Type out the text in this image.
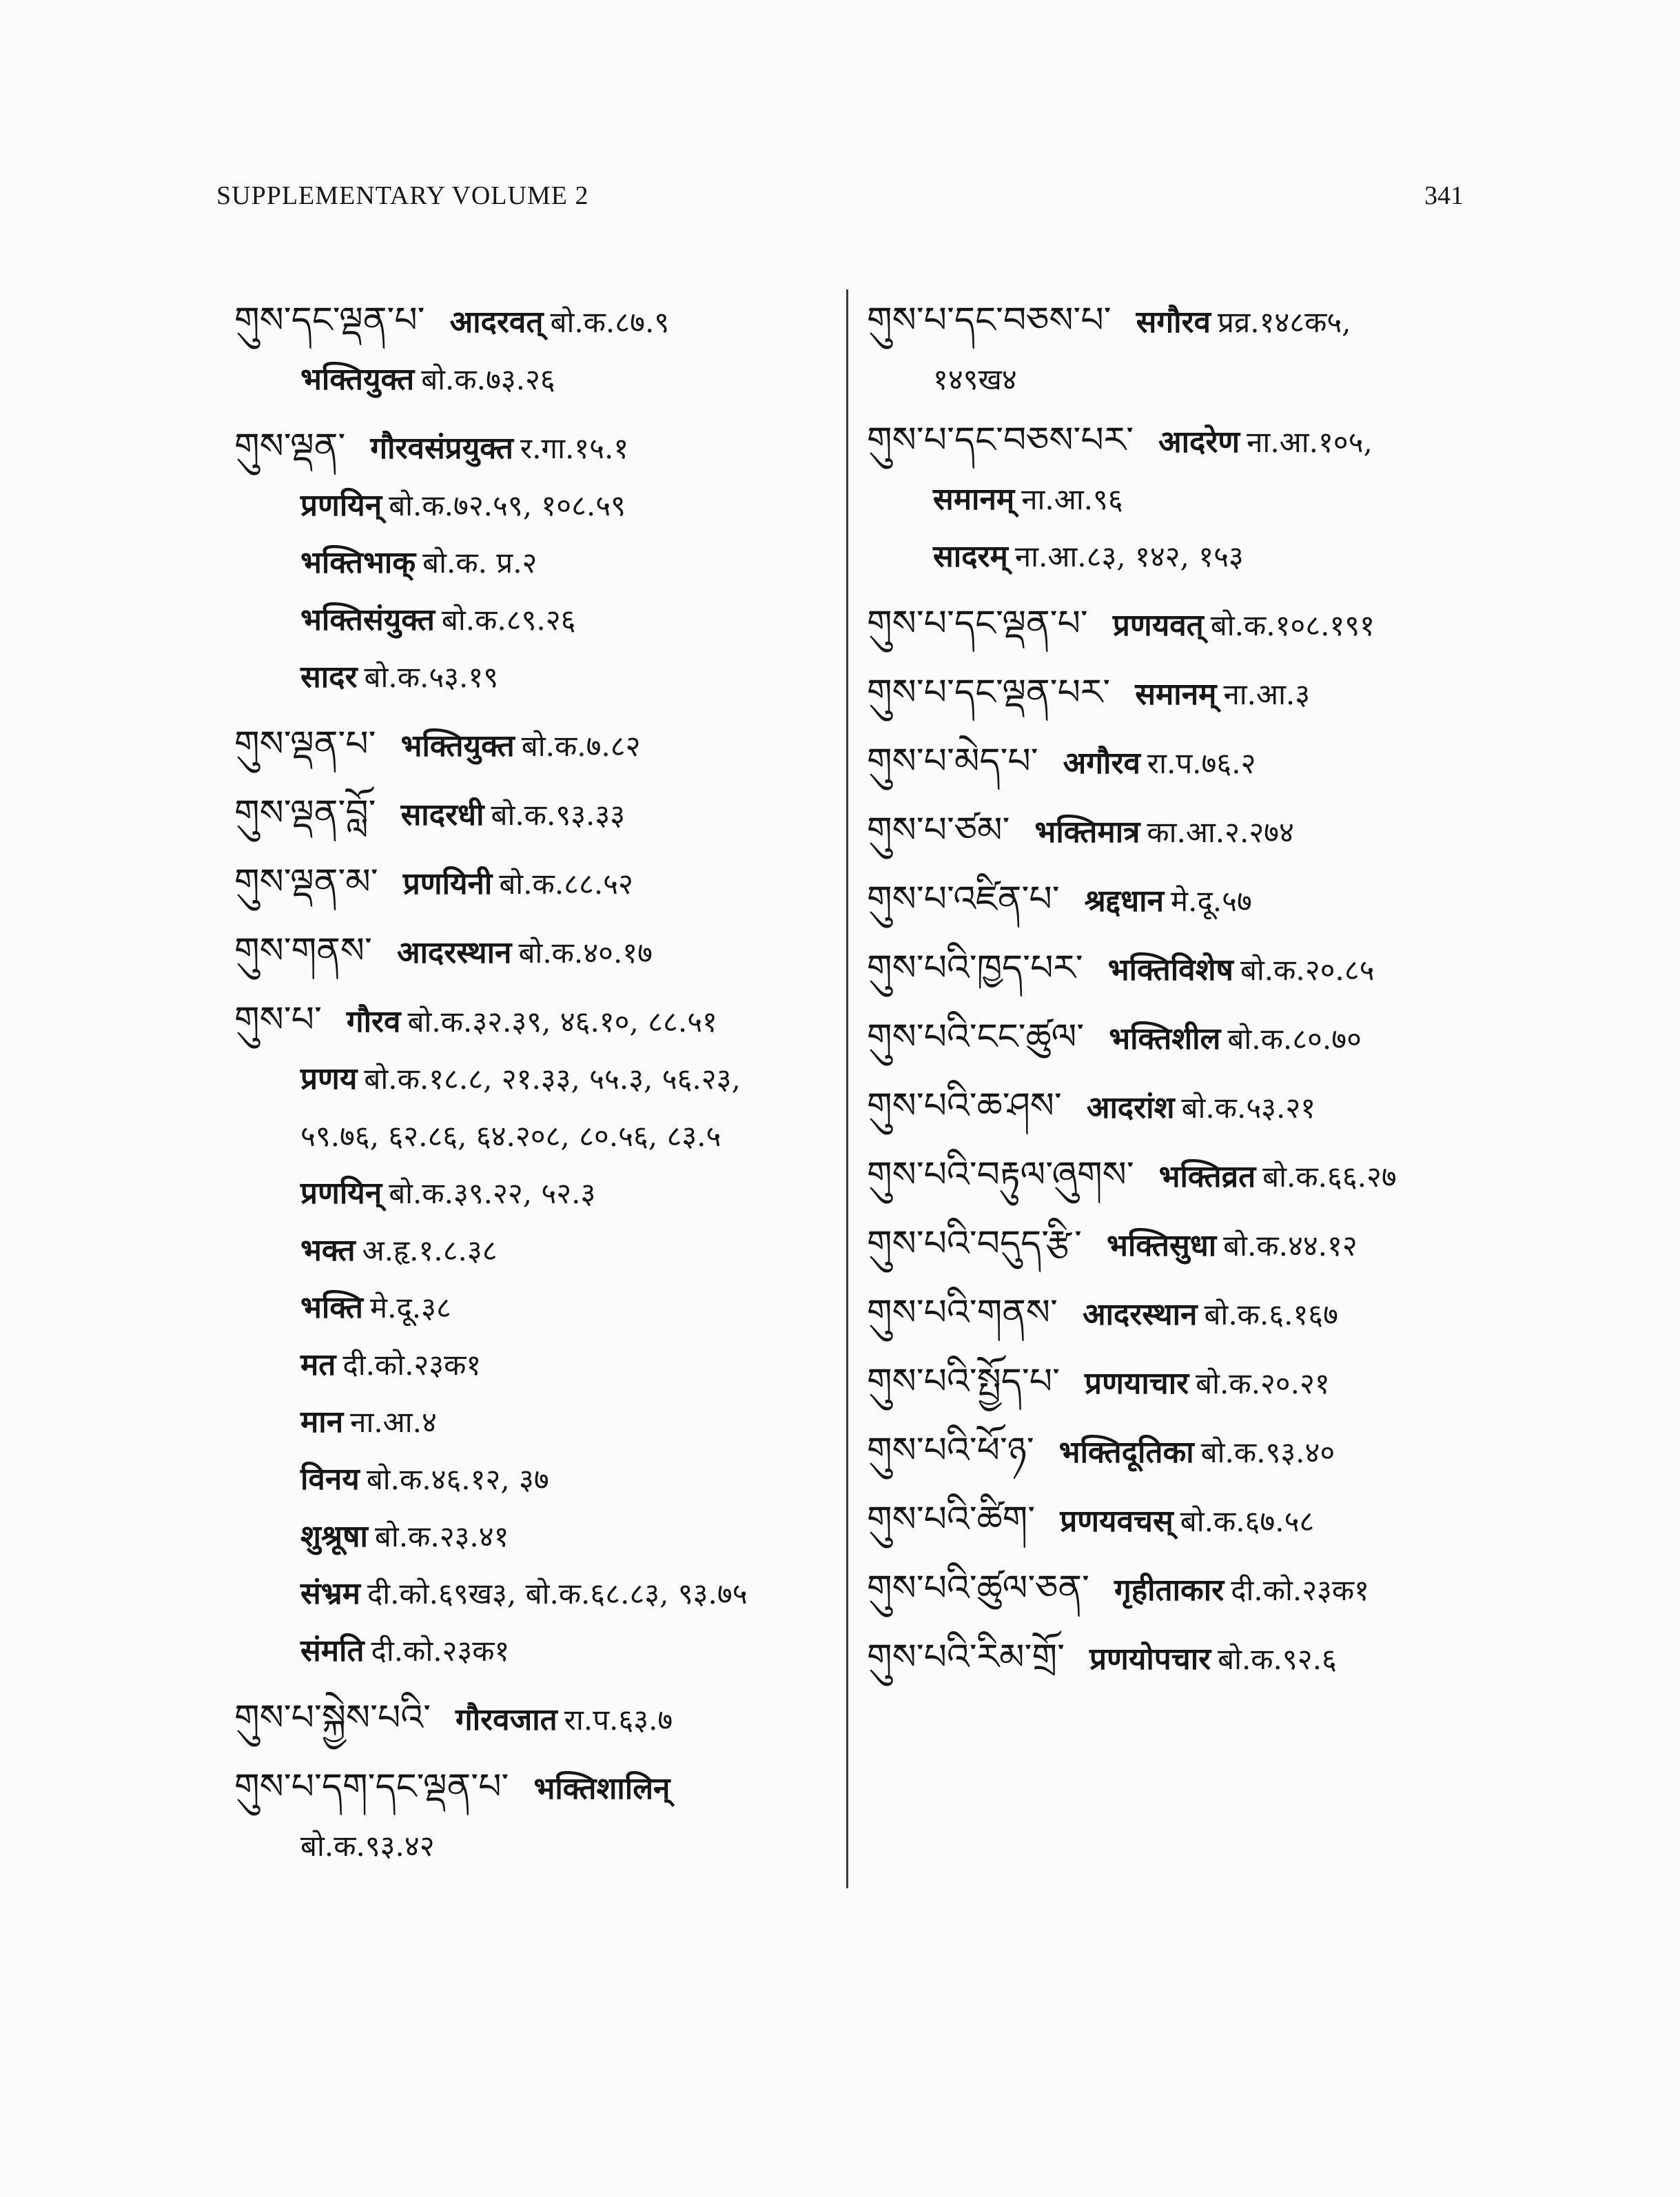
SUPPLEMENTARY VOLUME 2	341
གུས་དང་ལྡན་པ་ आदरवत् बो.क.८७.९
भक्तियुक्त बो.क.७३.२६
གུས་ལྡན་ गौरवसंप्रयुक्त र.गा.१५.१
प्रणयिन् बो.क.७२.५९, १०८.५९
भक्तिभाक् बो.क. प्र.२
भक्तिसंयुक्त बो.क.८९.२६
सादर बो.क.५३.१९
གུས་ལྡན་པ་ भक्तियुक्त बो.क.७.८२
གུས་ལྡན་བློ་ सादरधी बो.क.९३.३३
གུས་ལྡན་མ་ प्रणयिनी बो.क.८८.५२
གུས་གནས་ आदरस्थान बो.क.४०.१७
གུས་པ་ गौरव बो.क.३२.३९, ४६.१०, ८८.५१
प्रणय बो.क.१८.८, २१.३३, ५५.३, ५६.२३,
५९.७६, ६२.८६, ६४.२०८, ८०.५६, ८३.५
प्रणयिन् बो.क.३९.२२, ५२.३
भक्त अ.हृ.१.८.३८
भक्ति मे.दू.३८
मत दी.को.२३क१
मान ना.आ.४
विनय बो.क.४६.१२, ३७
शुश्रूषा बो.क.२३.४१
संभ्रम दी.को.६९ख३, बो.क.६८.८३, ९३.७५
संमति दी.को.२३क१
གུས་པ་སྐྱེས་པའི་ गौरवजात रा.प.६३.७
གུས་པ་དག་དང་ལྡན་པ་ भक्तिशालिन्
बो.क.९३.४२
གུས་པ་དང་བཅས་པ་ सगौरव प्रव्र.१४८क५,
१४९ख४
གུས་པ་དང་བཅས་པར་ आदरेण ना.आ.१०५,
समानम् ना.आ.९६
सादरम् ना.आ.८३, १४२, १५३
གུས་པ་དང་ལྡན་པ་ प्रणयवत् बो.क.१०८.१९१
གུས་པ་དང་ལྡན་པར་ समानम् ना.आ.३
གུས་པ་མེད་པ་ अगौरव रा.प.७६.२
གུས་པ་ཙམ་ भक्तिमात्र का.आ.२.२७४
གུས་པ་འཛིན་པ་ श्रद्दधान मे.दू.५७
གུས་པའི་ཁྱད་པར་ भक्तिविशेष बो.क.२०.८५
གུས་པའི་ངང་ཚུལ་ भक्तिशील बो.क.८०.७०
གུས་པའི་ཆ་ཤས་ आदरांश बो.क.५३.२१
གུས་པའི་བརྟུལ་ཞུགས་ भक्तिव्रत बो.क.६६.२७
གུས་པའི་བདུད་རྩི་ भक्तिसुधा बो.क.४४.१२
གུས་པའི་གནས་ आदरस्थान बो.क.६.१६७
གུས་པའི་སྤྱོད་པ་ प्रणयाचार बो.क.२०.२१
གུས་པའི་ཕོ་ཉ་ भक्तिदूतिका बो.क.९३.४०
གུས་པའི་ཚིག་ प्रणयवचस् बो.क.६७.५८
གུས་པའི་ཚུལ་ཅན་ गृहीताकार दी.को.२३क१
གུས་པའི་རིམ་གྲོ་ प्रणयोपचार बो.क.९२.६
